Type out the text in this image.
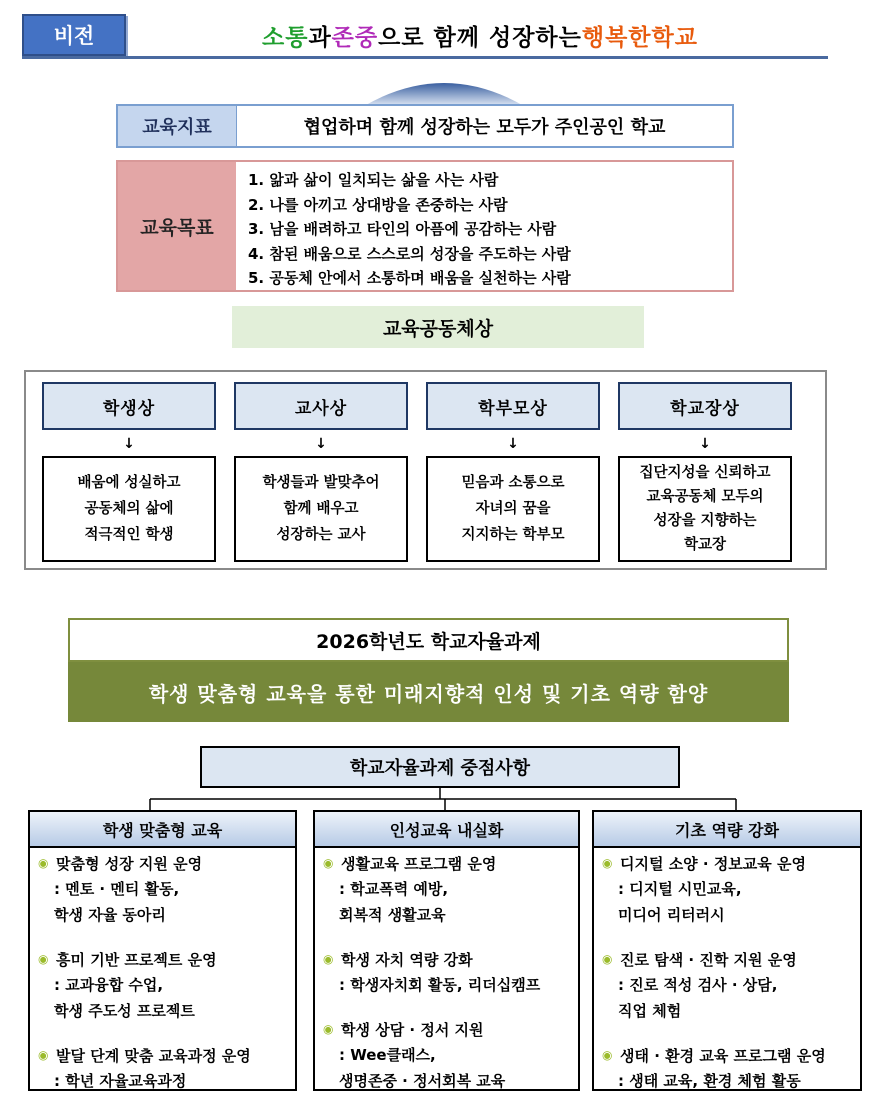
비전	소통 과 존중 으로 함께 성장하는 행복한 학교
교육지표	협업하며 함께 성장하는 모두가 주인공인 학교
교육목표
1. 앎과 삶이 일치되는 삶을 사는 사람
2. 나를 아끼고 상대방을 존중하는 사람
3. 남을 배려하고 타인의 아픔에 공감하는 사람
4. 참된 배움으로 스스로의 성장을 주도하는 사람
5. 공동체 안에서 소통하며 배움을 실천하는 사람
교육공동체상
학생상
↓
배움에 성실하고
공동체의 삶에
적극적인 학생
교사상
↓
학생들과 발맞추어
함께 배우고
성장하는 교사
학부모상
↓
믿음과 소통으로
자녀의 꿈을
지지하는 학부모
학교장상
↓
집단지성을 신뢰하고
교육공동체 모두의
성장을 지향하는
학교장
2026학년도 학교자율과제
학생 맞춤형 교육을 통한 미래지향적 인성 및 기초 역량 함양
학교자율과제 중점사항
학생 맞춤형 교육
◉ 맞춤형 성장 지원 운영
: 멘토 · 멘티 활동,
학생 자율 동아리
◉ 흥미 기반 프로젝트 운영
: 교과융합 수업,
학생 주도성 프로젝트
◉ 발달 단계 맞춤 교육과정 운영
: 학년 자율교육과정
인성교육 내실화
◉ 생활교육 프로그램 운영
: 학교폭력 예방,
회복적 생활교육
◉ 학생 자치 역량 강화
: 학생자치회 활동, 리더십캠프
◉ 학생 상담 · 정서 지원
: Wee클래스,
생명존중 · 정서회복 교육
기초 역량 강화
◉ 디지털 소양 · 정보교육 운영
: 디지털 시민교육,
미디어 리터러시
◉ 진로 탐색 · 진학 지원 운영
: 진로 적성 검사 · 상담,
직업 체험
◉ 생태 · 환경 교육 프로그램 운영
: 생태 교육, 환경 체험 활동
